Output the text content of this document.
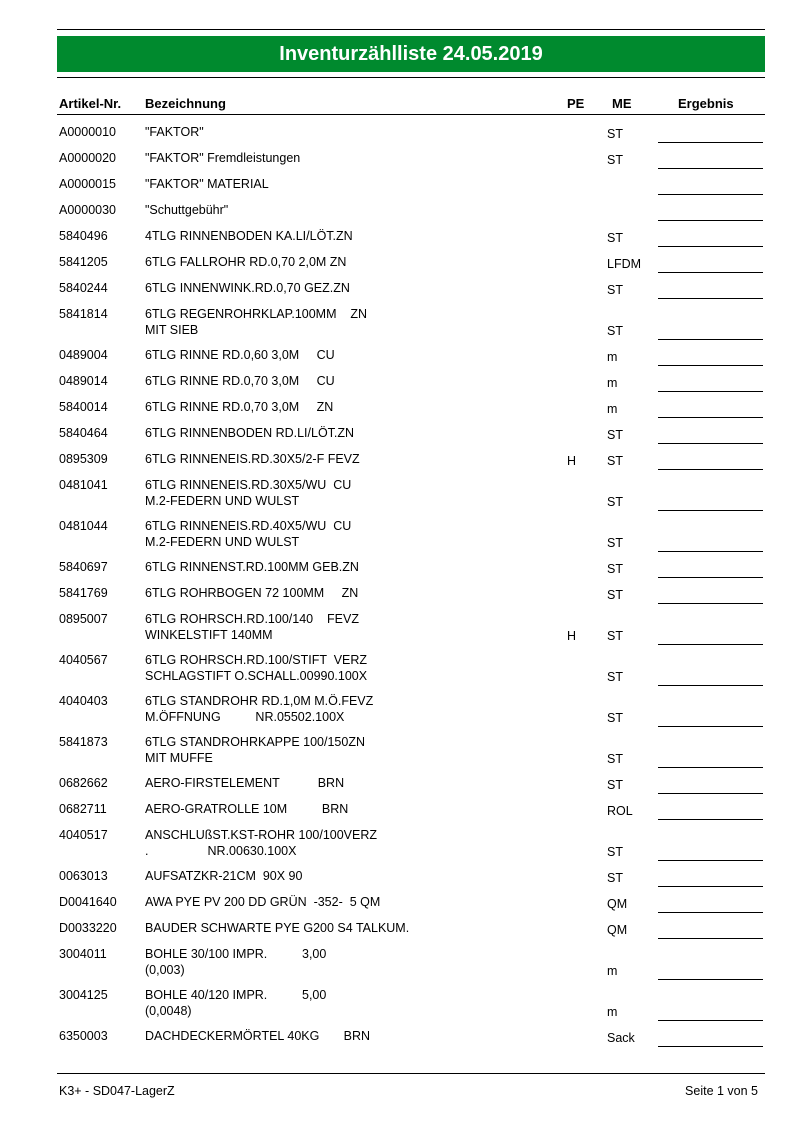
Inventurzählliste 24.05.2019
Artikel-Nr. Bezeichnung	PE ME	Ergebnis
A0000010 "FAKTOR"	ST
A0000020 "FAKTOR" Fremdleistungen	ST
A0000015 "FAKTOR" MATERIAL
A0000030 "Schuttgebühr"
5840496	4TLG RINNENBODEN KA.LI/LÖT.ZN	ST
5841205	6TLG FALLROHR RD.0,70 2,0M ZN	LFDM
5840244	6TLG INNENWINK.RD.0,70 GEZ.ZN	ST
5841814	6TLG REGENROHRKLAP.100MM    ZN
MIT SIEB	ST
0489004	6TLG RINNE RD.0,60 3,0M     CU	m
0489014	6TLG RINNE RD.0,70 3,0M     CU	m
5840014	6TLG RINNE RD.0,70 3,0M     ZN	m
5840464	6TLG RINNENBODEN RD.LI/LÖT.ZN	ST
0895309	6TLG RINNENEIS.RD.30X5/2-F FEVZ	H ST
0481041	6TLG RINNENEIS.RD.30X5/WU  CU
M.2-FEDERN UND WULST	ST
0481044	6TLG RINNENEIS.RD.40X5/WU  CU
M.2-FEDERN UND WULST	ST
5840697	6TLG RINNENST.RD.100MM GEB.ZN	ST
5841769	6TLG ROHRBOGEN 72 100MM     ZN	ST
0895007	6TLG ROHRSCH.RD.100/140    FEVZ
WINKELSTIFT 140MM	H ST
4040567	6TLG ROHRSCH.RD.100/STIFT  VERZ
SCHLAGSTIFT O.SCHALL.00990.100X	ST
4040403	6TLG STANDROHR RD.1,0M M.Ö.FEVZ
M.ÖFFNUNG          NR.05502.100X	ST
5841873	6TLG STANDROHRKAPPE 100/150ZN
MIT MUFFE	ST
0682662	AERO-FIRSTELEMENT           BRN	ST
0682711	AERO-GRATROLLE 10M          BRN	ROL
4040517	ANSCHLUßST.KST-ROHR 100/100VERZ
.                 NR.00630.100X	ST
0063013	AUFSATZKR-21CM  90X 90	ST
D0041640 AWA PYE PV 200 DD GRÜN  -352-  5 QM	QM
D0033220 BAUDER SCHWARTE PYE G200 S4 TALKUM.	QM
3004011	BOHLE 30/100 IMPR.          3,00
(0,003)	m
3004125	BOHLE 40/120 IMPR.          5,00
(0,0048)	m
6350003	DACHDECKERMÖRTEL 40KG       BRN	Sack
K3+ - SD047-LagerZ	Seite 1 von 5
